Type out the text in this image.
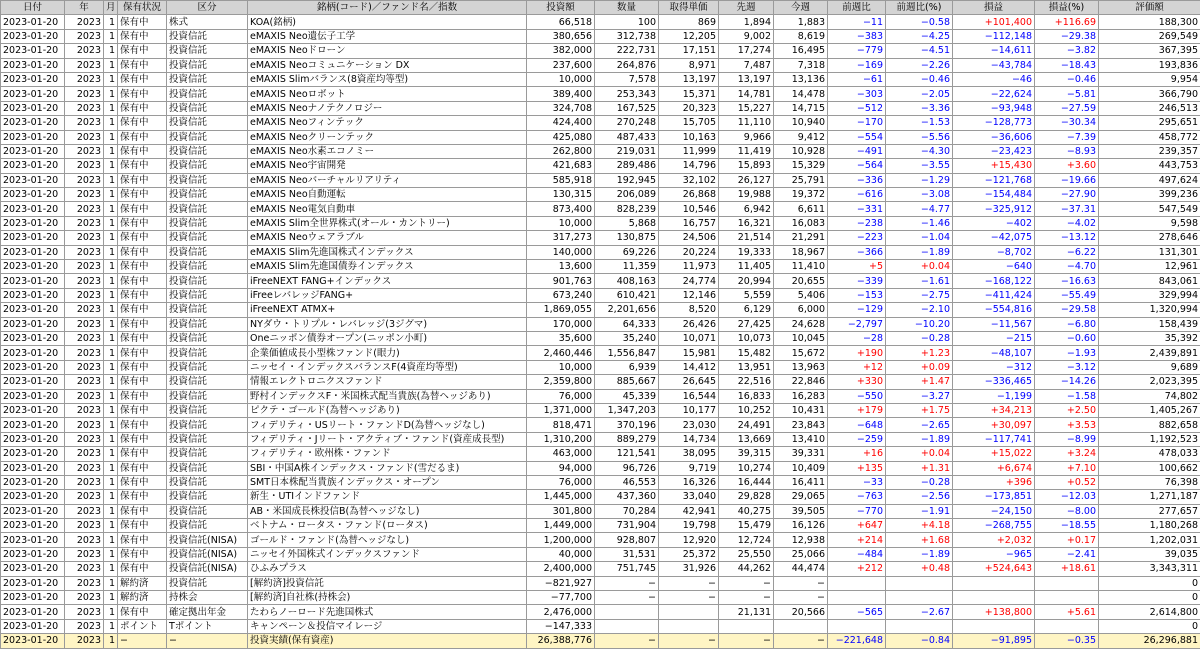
日付	年	月	保有状況	区分	銘柄(コード)／ファンド名／指数	投資額	数量	取得単価	先週	今週	前週比	前週比(%)	損益	損益(%)	評価額
2023-01-20	2023	1	保有中	株式	KOA(銘柄)	66,518	100	869	1,894	1,883	−11	−0.58	+101,400	+116.69	188,300
2023-01-20	2023	1	保有中	投資信託	eMAXIS Neo遺伝子工学	380,656	312,738	12,205	9,002	8,619	−383	−4.25	−112,148	−29.38	269,549
2023-01-20	2023	1	保有中	投資信託	eMAXIS Neoドローン	382,000	222,731	17,151	17,274	16,495	−779	−4.51	−14,611	−3.82	367,395
2023-01-20	2023	1	保有中	投資信託	eMAXIS Neoコミュニケーション DX	237,600	264,876	8,971	7,487	7,318	−169	−2.26	−43,784	−18.43	193,836
2023-01-20	2023	1	保有中	投資信託	eMAXIS Slimバランス(8資産均等型)	10,000	7,578	13,197	13,197	13,136	−61	−0.46	−46	−0.46	9,954
2023-01-20	2023	1	保有中	投資信託	eMAXIS Neoロボット	389,400	253,343	15,371	14,781	14,478	−303	−2.05	−22,624	−5.81	366,790
2023-01-20	2023	1	保有中	投資信託	eMAXIS Neoナノテクノロジー	324,708	167,525	20,323	15,227	14,715	−512	−3.36	−93,948	−27.59	246,513
2023-01-20	2023	1	保有中	投資信託	eMAXIS Neoフィンテック	424,400	270,248	15,705	11,110	10,940	−170	−1.53	−128,773	−30.34	295,651
2023-01-20	2023	1	保有中	投資信託	eMAXIS Neoクリーンテック	425,080	487,433	10,163	9,966	9,412	−554	−5.56	−36,606	−7.39	458,772
2023-01-20	2023	1	保有中	投資信託	eMAXIS Neo水素エコノミー	262,800	219,031	11,999	11,419	10,928	−491	−4.30	−23,423	−8.93	239,357
2023-01-20	2023	1	保有中	投資信託	eMAXIS Neo宇宙開発	421,683	289,486	14,796	15,893	15,329	−564	−3.55	+15,430	+3.60	443,753
2023-01-20	2023	1	保有中	投資信託	eMAXIS Neoバーチャルリアリティ	585,918	192,945	32,102	26,127	25,791	−336	−1.29	−121,768	−19.66	497,624
2023-01-20	2023	1	保有中	投資信託	eMAXIS Neo自動運転	130,315	206,089	26,868	19,988	19,372	−616	−3.08	−154,484	−27.90	399,236
2023-01-20	2023	1	保有中	投資信託	eMAXIS Neo電気自動車	873,400	828,239	10,546	6,942	6,611	−331	−4.77	−325,912	−37.31	547,549
2023-01-20	2023	1	保有中	投資信託	eMAXIS Slim全世界株式(オール・カントリー)	10,000	5,868	16,757	16,321	16,083	−238	−1.46	−402	−4.02	9,598
2023-01-20	2023	1	保有中	投資信託	eMAXIS Neoウェアラブル	317,273	130,875	24,506	21,514	21,291	−223	−1.04	−42,075	−13.12	278,646
2023-01-20	2023	1	保有中	投資信託	eMAXIS Slim先進国株式インデックス	140,000	69,226	20,224	19,333	18,967	−366	−1.89	−8,702	−6.22	131,301
2023-01-20	2023	1	保有中	投資信託	eMAXIS Slim先進国債券インデックス	13,600	11,359	11,973	11,405	11,410	+5	+0.04	−640	−4.70	12,961
2023-01-20	2023	1	保有中	投資信託	iFreeNEXT FANG+インデックス	901,763	408,163	24,774	20,994	20,655	−339	−1.61	−168,122	−16.63	843,061
2023-01-20	2023	1	保有中	投資信託	iFreeレバレッジFANG+	673,240	610,421	12,146	5,559	5,406	−153	−2.75	−411,424	−55.49	329,994
2023-01-20	2023	1	保有中	投資信託	iFreeNEXT ATMX+	1,869,055	2,201,656	8,520	6,129	6,000	−129	−2.10	−554,816	−29.58	1,320,994
2023-01-20	2023	1	保有中	投資信託	NYダウ・トリプル・レバレッジ(3ジグマ)	170,000	64,333	26,426	27,425	24,628	−2,797	−10.20	−11,567	−6.80	158,439
2023-01-20	2023	1	保有中	投資信託	Oneニッポン債券オープン(ニッポン小町)	35,600	35,240	10,071	10,073	10,045	−28	−0.28	−215	−0.60	35,392
2023-01-20	2023	1	保有中	投資信託	企業価値成長小型株ファンド(眼力)	2,460,446	1,556,847	15,981	15,482	15,672	+190	+1.23	−48,107	−1.93	2,439,891
2023-01-20	2023	1	保有中	投資信託	ニッセイ・インデックスバランスF(4資産均等型)	10,000	6,939	14,412	13,951	13,963	+12	+0.09	−312	−3.12	9,689
2023-01-20	2023	1	保有中	投資信託	情報エレクトロニクスファンド	2,359,800	885,667	26,645	22,516	22,846	+330	+1.47	−336,465	−14.26	2,023,395
2023-01-20	2023	1	保有中	投資信託	野村インデックスF・米国株式配当貴族(為替ヘッジあり)	76,000	45,339	16,544	16,833	16,283	−550	−3.27	−1,199	−1.58	74,802
2023-01-20	2023	1	保有中	投資信託	ピクテ・ゴールド(為替ヘッジあり)	1,371,000	1,347,203	10,177	10,252	10,431	+179	+1.75	+34,213	+2.50	1,405,267
2023-01-20	2023	1	保有中	投資信託	フィデリティ・USリート・ファンドD(為替ヘッジなし)	818,471	370,196	23,030	24,491	23,843	−648	−2.65	+30,097	+3.53	882,658
2023-01-20	2023	1	保有中	投資信託	フィデリティ・Jリート・アクティブ・ファンド(資産成長型)	1,310,200	889,279	14,734	13,669	13,410	−259	−1.89	−117,741	−8.99	1,192,523
2023-01-20	2023	1	保有中	投資信託	フィデリティ・欧州株・ファンド	463,000	121,541	38,095	39,315	39,331	+16	+0.04	+15,022	+3.24	478,033
2023-01-20	2023	1	保有中	投資信託	SBI・中国A株インデックス・ファンド(雪だるま)	94,000	96,726	9,719	10,274	10,409	+135	+1.31	+6,674	+7.10	100,662
2023-01-20	2023	1	保有中	投資信託	SMT日本株配当貴族インデックス・オープン	76,000	46,553	16,326	16,444	16,411	−33	−0.28	+396	+0.52	76,398
2023-01-20	2023	1	保有中	投資信託	新生・UTIインドファンド	1,445,000	437,360	33,040	29,828	29,065	−763	−2.56	−173,851	−12.03	1,271,187
2023-01-20	2023	1	保有中	投資信託	AB・米国成長株投信B(為替ヘッジなし)	301,800	70,284	42,941	40,275	39,505	−770	−1.91	−24,150	−8.00	277,657
2023-01-20	2023	1	保有中	投資信託	ベトナム・ロータス・ファンド(ロータス)	1,449,000	731,904	19,798	15,479	16,126	+647	+4.18	−268,755	−18.55	1,180,268
2023-01-20	2023	1	保有中	投資信託(NISA)	ゴールド・ファンド(為替ヘッジなし)	1,200,000	928,807	12,920	12,724	12,938	+214	+1.68	+2,032	+0.17	1,202,031
2023-01-20	2023	1	保有中	投資信託(NISA)	ニッセイ外国株式インデックスファンド	40,000	31,531	25,372	25,550	25,066	−484	−1.89	−965	−2.41	39,035
2023-01-20	2023	1	保有中	投資信託(NISA)	ひふみプラス	2,400,000	751,745	31,926	44,262	44,474	+212	+0.48	+524,643	+18.61	3,343,311
2023-01-20	2023	1	解約済	投資信託	[解約済]投資信託	−821,927	−	−	−	−					0
2023-01-20	2023	1	解約済	持株会	[解約済]自社株(持株会)	−77,700	−	−	−	−					0
2023-01-20	2023	1	保有中	確定拠出年金	たわらノーロード先進国株式	2,476,000			21,131	20,566	−565	−2.67	+138,800	+5.61	2,614,800
2023-01-20	2023	1	ポイント	Tポイント	キャンペーン＆投信マイレージ	−147,333									0
2023-01-20	2023	1	−	−	投資実績(保有資産)	26,388,776	−	−	−	−	−221,648	−0.84	−91,895	−0.35	26,296,881
